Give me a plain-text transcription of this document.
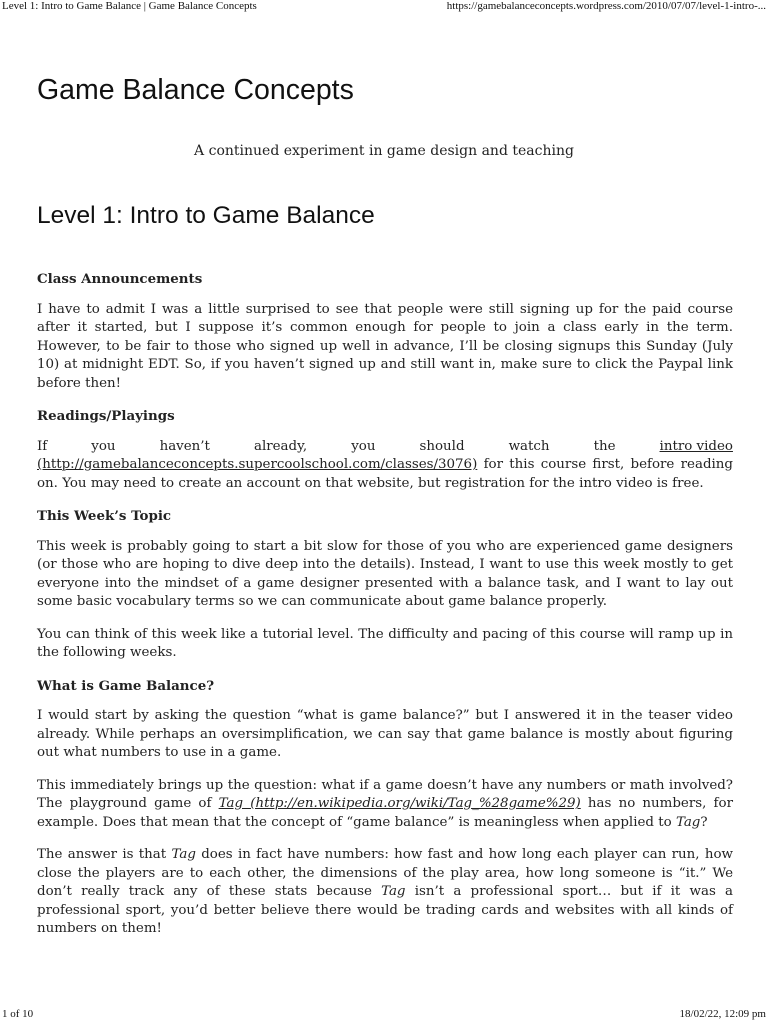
Level 1: Intro to Game Balance | Game Balance Concepts	https://gamebalanceconcepts.wordpress.com/2010/07/07/level-1-intro-...
Game Balance Concepts
A continued experiment in game design and teaching
Level 1: Intro to Game Balance
Class Announcements

I have to admit I was a little surprised to see that people were still signing up for the paid course after it started, but I suppose it’s common enough for people to join a class early in the term. However, to be fair to those who signed up well in advance, I’ll be closing signups this Sunday (July 10) at midnight EDT. So, if you haven’t signed up and still want in, make sure to click the Paypal link before then!

Readings/Playings
If	you	haven’t	already,	you	should	watch	the	intro video

(http://gamebalanceconcepts.supercoolschool.com/classes/3076) for this course first, before reading on. You may need to create an account on that website, but registration for the intro video is free.

This Week’s Topic

This week is probably going to start a bit slow for those of you who are experienced game designers (or those who are hoping to dive deep into the details). Instead, I want to use this week mostly to get everyone into the mindset of a game designer presented with a balance task, and I want to lay out some basic vocabulary terms so we can communicate about game balance properly.

You can think of this week like a tutorial level. The difficulty and pacing of this course will ramp up in the following weeks.

What is Game Balance?

I would start by asking the question “what is game balance?” but I answered it in the teaser video already. While perhaps an oversimplification, we can say that game balance is mostly about figuring out what numbers to use in a game.

This immediately brings up the question: what if a game doesn’t have any numbers or math involved? The playground game of Tag (http://en.wikipedia.org/wiki/Tag_%28game%29) has no numbers, for example. Does that mean that the concept of “game balance” is meaningless when applied to Tag?

The answer is that Tag does in fact have numbers: how fast and how long each player can run, how close the players are to each other, the dimensions of the play area, how long someone is “it.” We don’t really track any of these stats because Tag isn’t a professional sport… but if it was a professional sport, you’d better believe there would be trading cards and websites with all kinds of numbers on them!

1 of 10	18/02/22, 12:09 pm
